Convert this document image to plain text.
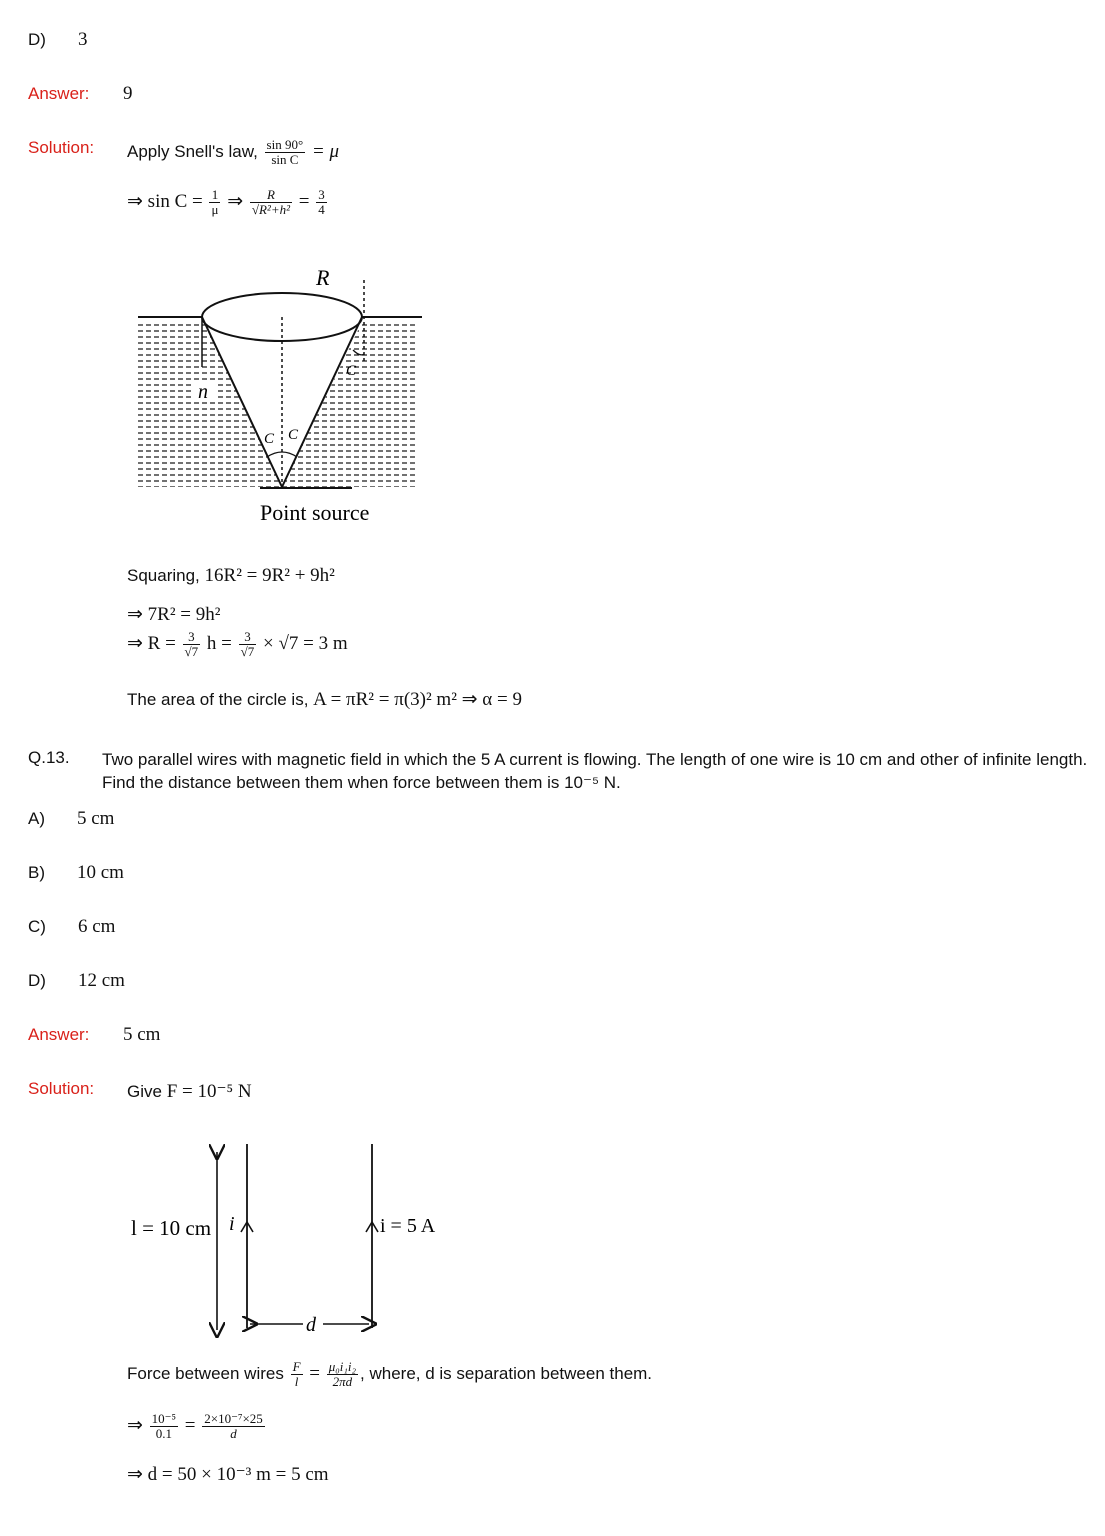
D) 3
Answer: 9
Solution: Apply Snell's law, $\frac{\sin 90^\circ}{\text{sin C}} = \mu$
⇒ $\sin C = \frac{1}{\mu}$ ⇒ $\frac{R}{\text{√R²+h²}} = \frac{3}{4}$
n
R
C
C C
Point source
Squaring, 16R² = 9R² + 9h²
⇒ 7R² = 9h²
⇒ $R = \frac{3}{√7}$ $h = \frac{3}{√7} \times √7 = 3$ m
The area of the circle is, A = πR² = π(3)² m² ⇒ α = 9
Q.13. Two parallel wires with magnetic field in which the 5 A current is flowing. The length of one wire is 10 cm and other of infinite length. Find the distance between them when force between them is 10⁻⁵ N.
A) 5 cm
B) 10 cm
C) 6 cm
D) 12 cm
Answer: 5 cm
Solution: Give F = 10⁻⁵ N
l = 10 cm i	i = 5 A
d
Force between wires $\frac{F}{l} = \frac{\text{μ₀i₁i₂}}{2\pi d}$ , where, d is separation between them.
⇒ $\frac{\text{10⁻⁵}}{0.1} = \frac{\text{2×10⁻⁷×25}}{d}$
⇒ d = 50 × 10⁻³ m = 5 cm
